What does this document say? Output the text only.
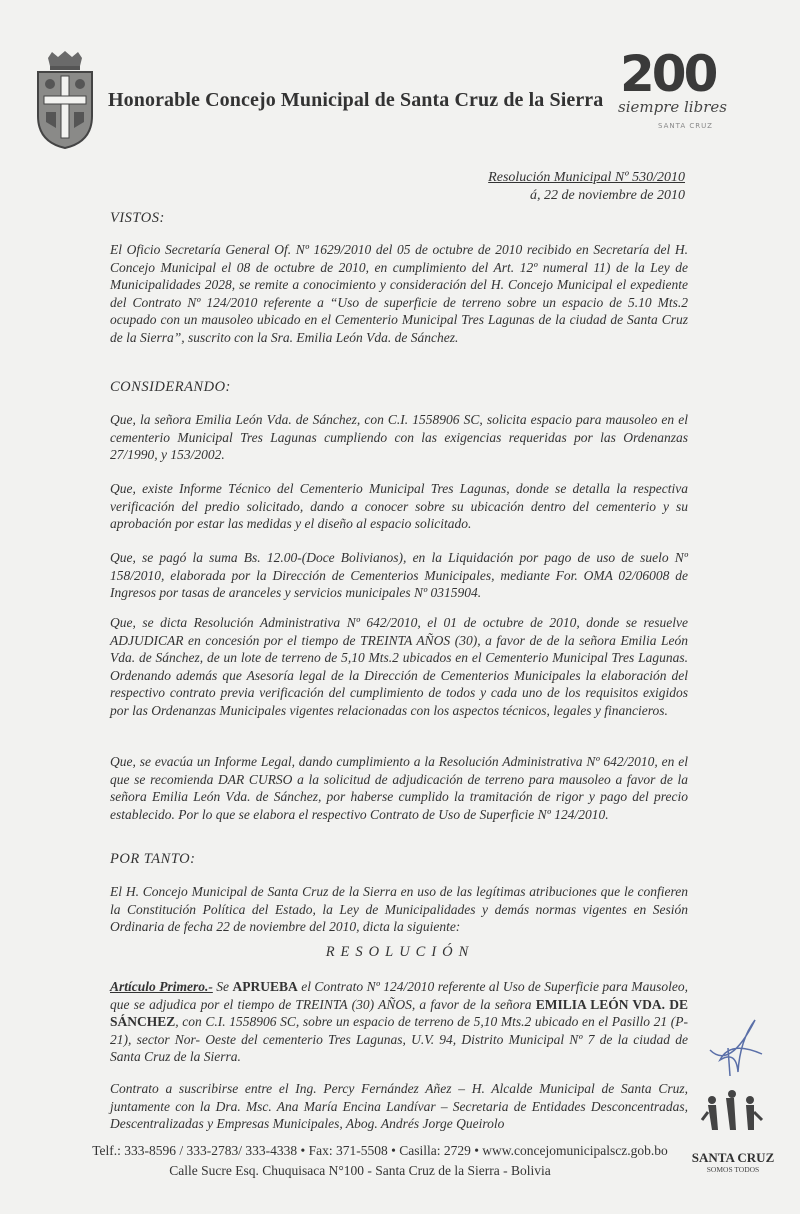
Honorable Concejo Municipal de Santa Cruz de la Sierra 200
siempre libres
SANTA CRUZ
Resolución Municipal Nº 530/2010
á, 22 de noviembre de 2010
VISTOS:
El Oficio Secretaría General Of. Nº 1629/2010 del 05 de octubre de 2010 recibido en Secretaría del H. Concejo Municipal el 08 de octubre de 2010, en cumplimiento del Art. 12º numeral 11) de la Ley de Municipalidades 2028, se remite a conocimiento y consideración del H. Concejo Municipal el expediente del Contrato Nº 124/2010 referente a “Uso de superficie de terreno sobre un espacio de 5.10 Mts.2 ocupado con un mausoleo ubicado en el Cementerio Municipal Tres Lagunas de la ciudad de Santa Cruz de la Sierra”, suscrito con la Sra. Emilia León Vda. de Sánchez.
CONSIDERANDO:
Que, la señora Emilia León Vda. de Sánchez, con C.I. 1558906 SC, solicita espacio para mausoleo en el cementerio Municipal Tres Lagunas cumpliendo con las exigencias requeridas por las Ordenanzas 27/1990, y 153/2002.
Que, existe Informe Técnico del Cementerio Municipal Tres Lagunas, donde se detalla la respectiva verificación del predio solicitado, dando a conocer sobre su ubicación dentro del cementerio y su aprobación por estar las medidas y el diseño al espacio solicitado.
Que, se pagó la suma Bs. 12.00-(Doce Bolivianos), en la Liquidación por pago de uso de suelo Nº 158/2010, elaborada por la Dirección de Cementerios Municipales, mediante For. OMA 02/06008 de Ingresos por tasas de aranceles y servicios municipales Nº 0315904.
Que, se dicta Resolución Administrativa Nº 642/2010, el 01 de octubre de 2010, donde se resuelve ADJUDICAR en concesión por el tiempo de TREINTA AÑOS (30), a favor de de la señora Emilia León Vda. de Sánchez, de un lote de terreno de 5,10 Mts.2 ubicados en el Cementerio Municipal Tres Lagunas. Ordenando además que Asesoría legal de la Dirección de Cementerios Municipales la elaboración del respectivo contrato previa verificación del cumplimiento de todos y cada uno de los requisitos exigidos por las Ordenanzas Municipales vigentes relacionadas con los aspectos técnicos, legales y financieros.
Que, se evacúa un Informe Legal, dando cumplimiento a la Resolución Administrativa Nº 642/2010, en el que se recomienda DAR CURSO a la solicitud de adjudicación de terreno para mausoleo a favor de la señora Emilia León Vda. de Sánchez, por haberse cumplido la tramitación de rigor y pago del precio establecido. Por lo que se elabora el respectivo Contrato de Uso de Superficie Nº 124/2010.
POR TANTO:
El H. Concejo Municipal de Santa Cruz de la Sierra en uso de las legítimas atribuciones que le confieren la Constitución Política del Estado, la Ley de Municipalidades y demás normas vigentes en Sesión Ordinaria de fecha 22 de noviembre del 2010, dicta la siguiente:
RESOLUCIÓN
Artículo Primero.- Se APRUEBA el Contrato Nº 124/2010 referente al Uso de Superficie para Mausoleo, que se adjudica por el tiempo de TREINTA (30) AÑOS, a favor de la señora EMILIA LEÓN VDA. DE SÁNCHEZ, con C.I. 1558906 SC, sobre un espacio de terreno de 5,10 Mts.2 ubicado en el Pasillo 21 (P-21), sector Nor- Oeste del cementerio Tres Lagunas, U.V. 94, Distrito Municipal Nº 7 de la ciudad de Santa Cruz de la Sierra.
Contrato a suscribirse entre el Ing. Percy Fernández Añez – H. Alcalde Municipal de Santa Cruz, juntamente con la Dra. Msc. Ana María Encina Landívar – Secretaria de Entidades Desconcentradas, Descentralizadas y Empresas Municipales, Abog. Andrés Jorge Queirolo
Telf.: 333-8596 / 333-2783/ 333-4338 • Fax: 371-5508 • Casilla: 2729 • www.concejomunicipalscz.gob.bo
Calle Sucre Esq. Chuquisaca N°100 - Santa Cruz de la Sierra - Bolivia
SANTA CRUZ
SOMOS TODOS
